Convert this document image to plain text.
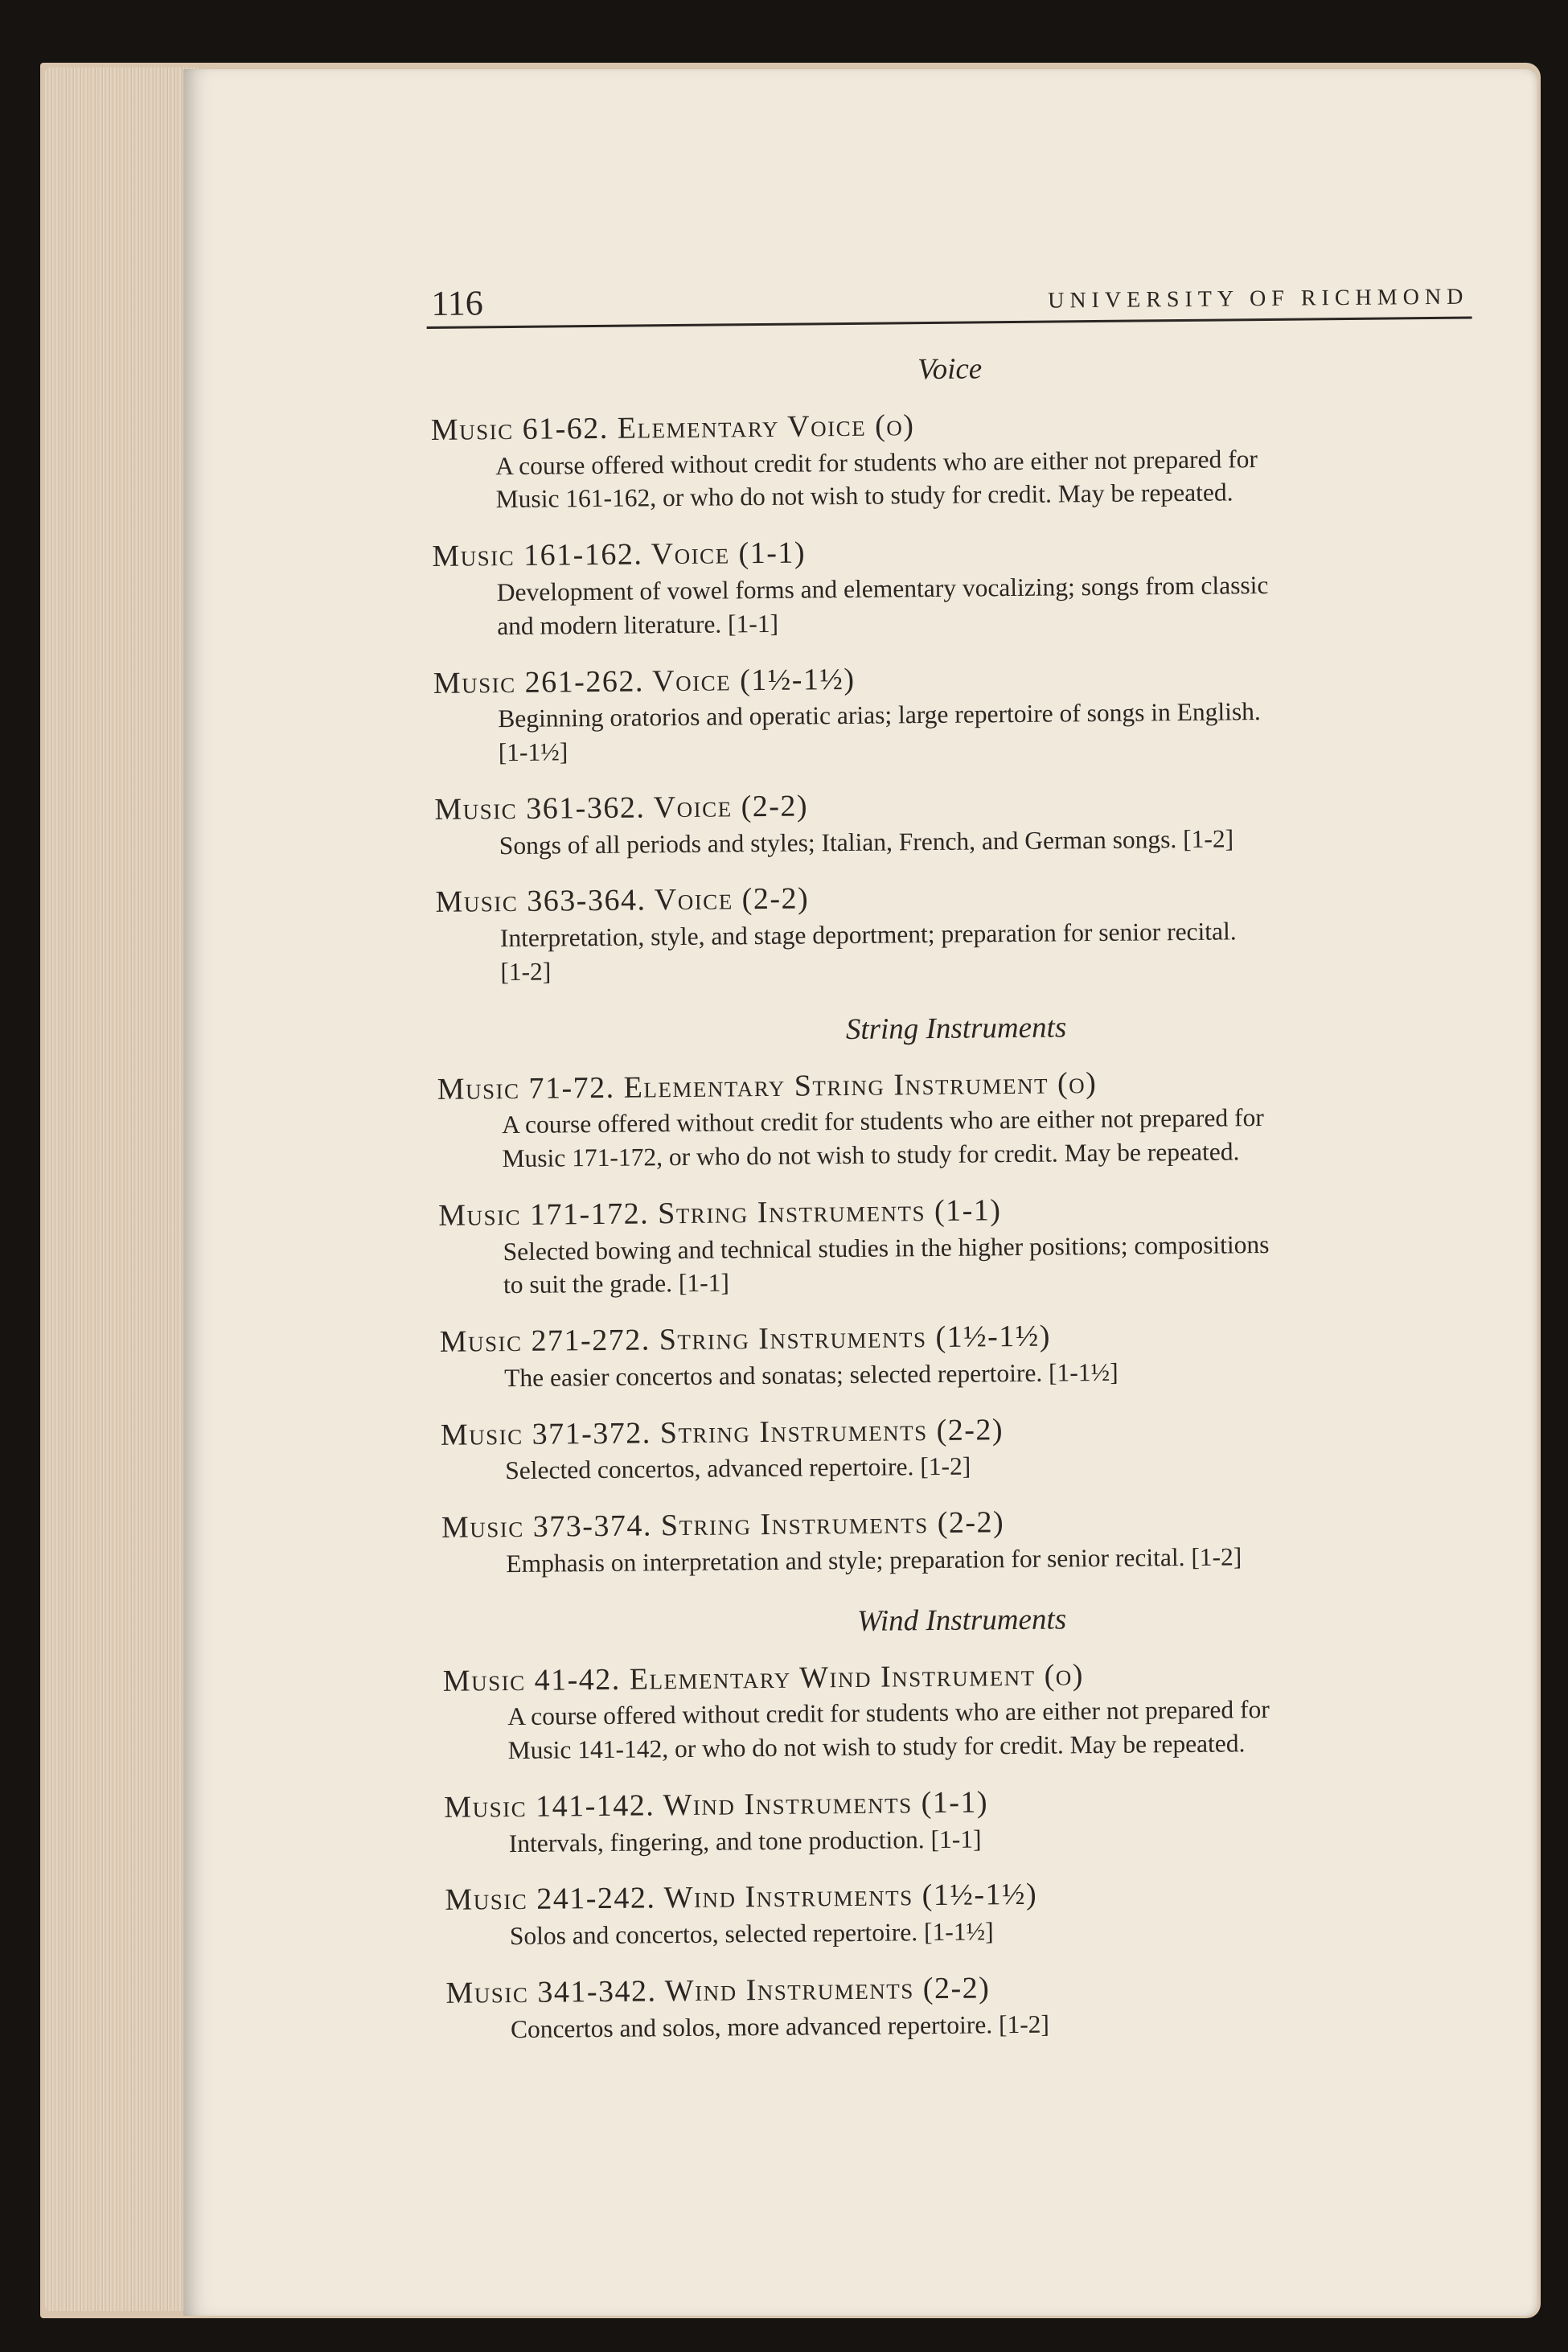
116	UNIVERSITY OF RICHMOND
Voice
Music 61-62. Elementary Voice (o)
A course offered without credit for students who are either not prepared for
Music 161-162, or who do not wish to study for credit. May be repeated.
Music 161-162. Voice (1-1)
Development of vowel forms and elementary vocalizing; songs from classic
and modern literature. [1-1]
Music 261-262. Voice (1½-1½)
Beginning oratorios and operatic arias; large repertoire of songs in English.
[1-1½]
Music 361-362. Voice (2-2)
Songs of all periods and styles; Italian, French, and German songs. [1-2]
Music 363-364. Voice (2-2)
Interpretation, style, and stage deportment; preparation for senior recital.
[1-2]
String Instruments
Music 71-72. Elementary String Instrument (o)
A course offered without credit for students who are either not prepared for
Music 171-172, or who do not wish to study for credit. May be repeated.
Music 171-172. String Instruments (1-1)
Selected bowing and technical studies in the higher positions; compositions
to suit the grade. [1-1]
Music 271-272. String Instruments (1½-1½)
The easier concertos and sonatas; selected repertoire. [1-1½]
Music 371-372. String Instruments (2-2)
Selected concertos, advanced repertoire. [1-2]
Music 373-374. String Instruments (2-2)
Emphasis on interpretation and style; preparation for senior recital. [1-2]
Wind Instruments
Music 41-42. Elementary Wind Instrument (o)
A course offered without credit for students who are either not prepared for
Music 141-142, or who do not wish to study for credit. May be repeated.
Music 141-142. Wind Instruments (1-1)
Intervals, fingering, and tone production. [1-1]
Music 241-242. Wind Instruments (1½-1½)
Solos and concertos, selected repertoire. [1-1½]
Music 341-342. Wind Instruments (2-2)
Concertos and solos, more advanced repertoire. [1-2]
